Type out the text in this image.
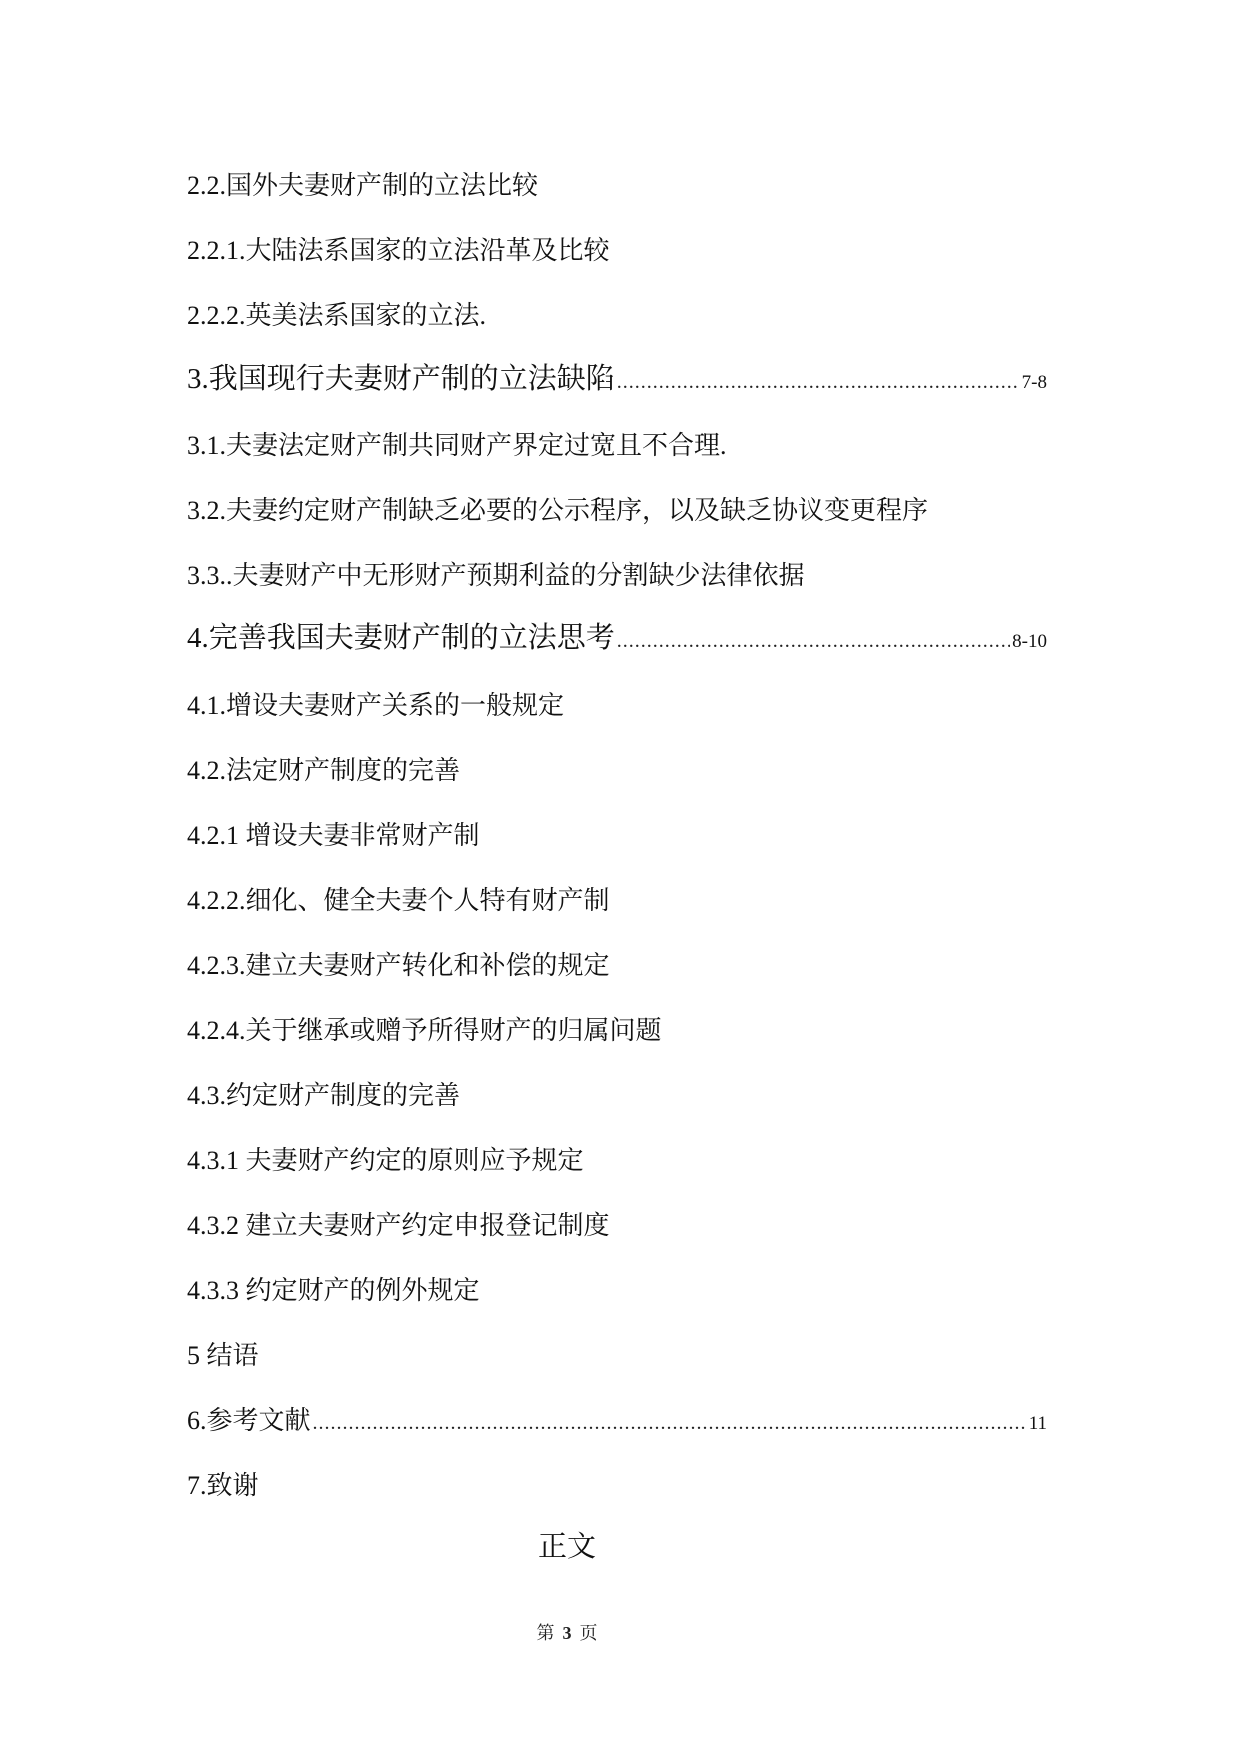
2.2. 国外夫妻财产制的立法比较
2.2.1. 大陆法系国家的立法沿革及比较
2.2.2. 英美法系国家的立法 .
3. 我国现行夫妻财产制的立法缺陷 .....	7-8
3.1. 夫妻法定财产制共同财产界定过宽且不合理 .
3.2. 夫妻约定财产制缺乏必要的公示程序，以及缺乏协议变更程序
3.3.. 夫妻财产中无形财产预期利益的分割缺少法律依据
4. 完善我国夫妻财产制的立法思考 .....	8-10
4.1. 增设夫妻财产关系的一般规定
4.2. 法定财产制度的完善
4.2.1 增设夫妻非常财产制
4.2.2. 细化、健全夫妻个人特有财产制
4.2.3. 建立夫妻财产转化和补偿的规定
4.2.4. 关于继承或赠予所得财产的归属问题
4.3. 约定财产制度的完善
4.3.1 夫妻财产约定的原则应予规定
4.3.2 建立夫妻财产约定申报登记制度
4.3.3 约定财产的例外规定
5 结语
6. 参考文献 .....	11
7. 致谢
正文
第 3 页
